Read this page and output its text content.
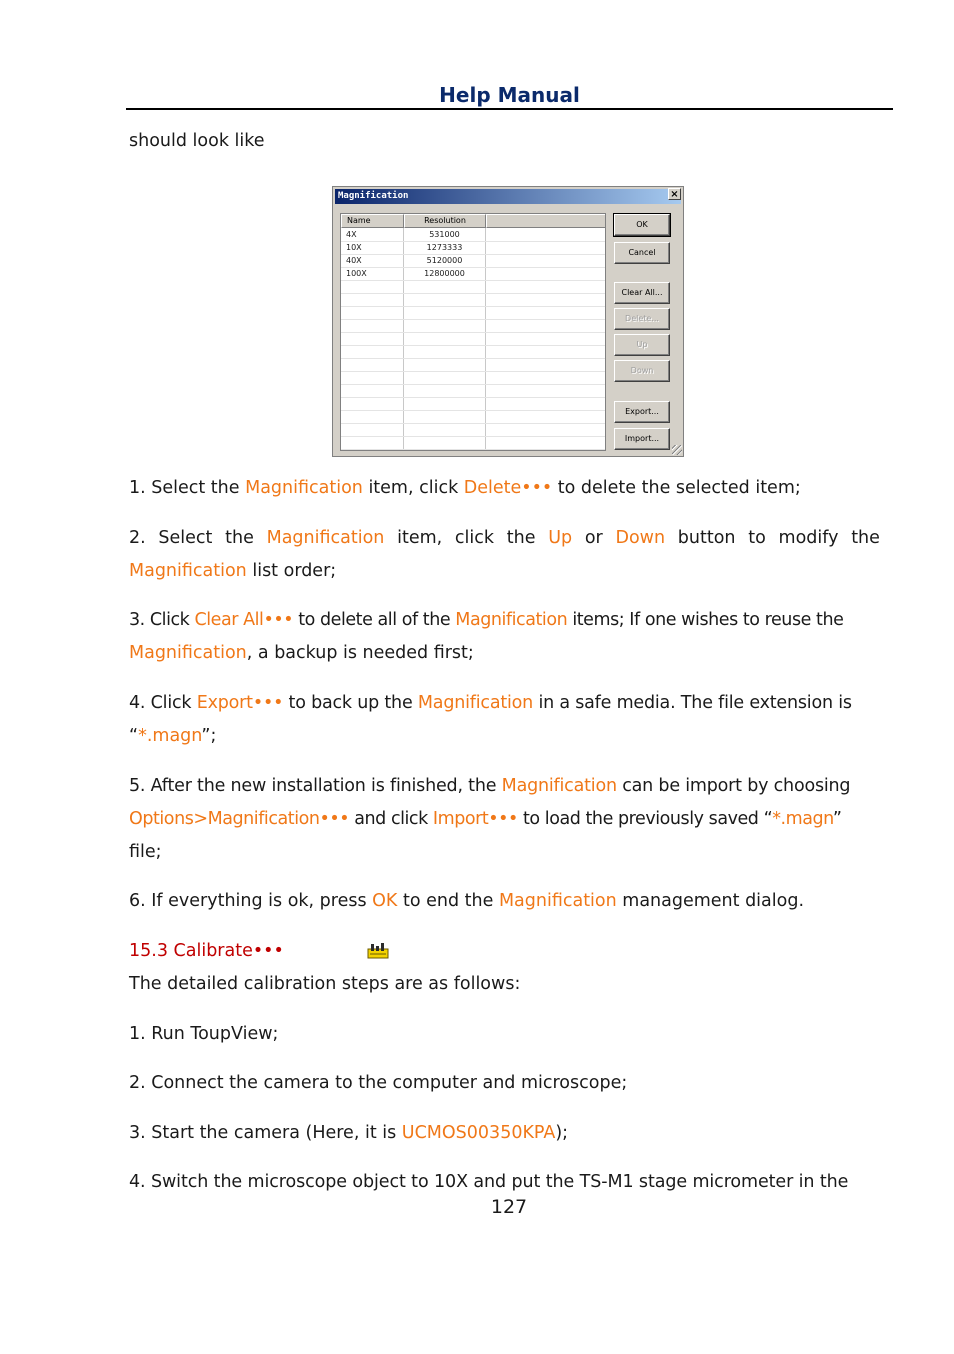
Help Manual
should look like
Magnification	×
Name	Resolution
4X	531000
10X	1273333
40X	5120000
100X	12800000
OK
Cancel
Clear All...
Delete...
Up
Down
Export...
Import...
1. Select the Magnification item, click Delete••• to delete the selected item;
2. Select the Magnification item, click the Up or Down button to modify the
Magnification list order;
3. Click Clear All••• to delete all of the Magnification items; If one wishes to reuse the
Magnification, a backup is needed first;
4. Click Export••• to back up the Magnification in a safe media. The file extension is
“*.magn”;
5. After the new installation is finished, the Magnification can be import by choosing
Options>Magnification••• and click Import••• to load the previously saved “*.magn”
file;
6. If everything is ok, press OK to end the Magnification management dialog.
15.3 Calibrate•••
The detailed calibration steps are as follows:
1. Run ToupView;
2. Connect the camera to the computer and microscope;
3. Start the camera (Here, it is UCMOS00350KPA);
4. Switch the microscope object to 10X and put the TS-M1 stage micrometer in the
127
